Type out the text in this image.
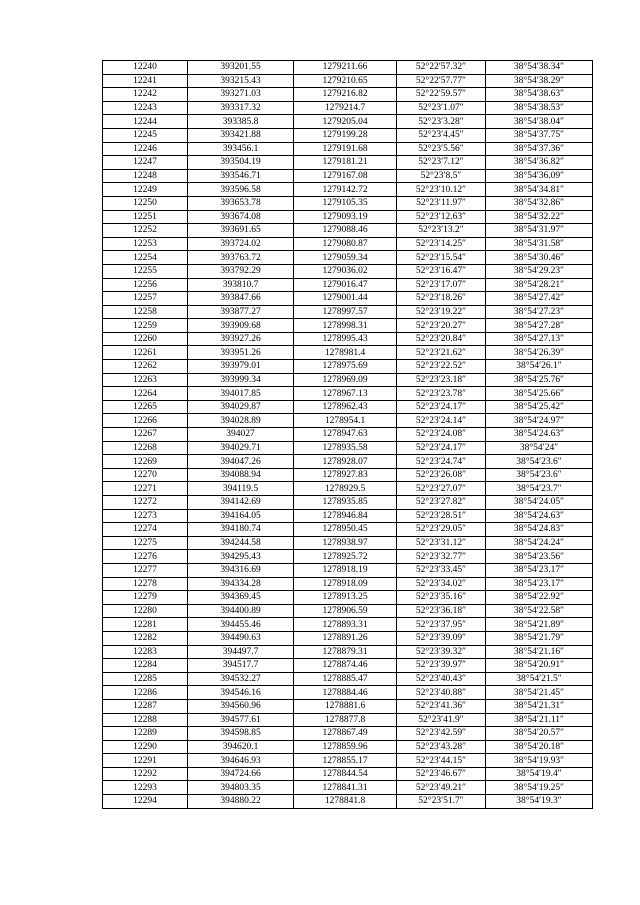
12240	393201.55	1279211.66	52°22′57.32″	38°54′38.34″
12241	393215.43	1279210.65	52°22′57.77″	38°54′38.29″
12242	393271.03	1279216.82	52°22′59.57″	38°54′38.63″
12243	393317.32	1279214.7	52°23′1.07″	38°54′38.53″
12244	393385.8	1279205.04	52°23′3.28″	38°54′38.04″
12245	393421.88	1279199.28	52°23′4.45″	38°54′37.75″
12246	393456.1	1279191.68	52°23′5.56″	38°54′37.36″
12247	393504.19	1279181.21	52°23′7.12″	38°54′36.82″
12248	393546.71	1279167.08	52°23′8.5″	38°54′36.09″
12249	393596.58	1279142.72	52°23′10.12″	38°54′34.81″
12250	393653.78	1279105.35	52°23′11.97″	38°54′32.86″
12251	393674.08	1279093.19	52°23′12.63″	38°54′32.22″
12252	393691.65	1279088.46	52°23′13.2″	38°54′31.97″
12253	393724.02	1279080.87	52°23′14.25″	38°54′31.58″
12254	393763.72	1279059.34	52°23′15.54″	38°54′30.46″
12255	393792.29	1279036.02	52°23′16.47″	38°54′29.23″
12256	393810.7	1279016.47	52°23′17.07″	38°54′28.21″
12257	393847.66	1279001.44	52°23′18.26″	38°54′27.42″
12258	393877.27	1278997.57	52°23′19.22″	38°54′27.23″
12259	393909.68	1278998.31	52°23′20.27″	38°54′27.28″
12260	393927.26	1278995.43	52°23′20.84″	38°54′27.13″
12261	393951.26	1278981.4	52°23′21.62″	38°54′26.39″
12262	393979.01	1278975.69	52°23′22.52″	38°54′26.1″
12263	393999.34	1278969.09	52°23′23.18″	38°54′25.76″
12264	394017.85	1278967.13	52°23′23.78″	38°54′25.66″
12265	394029.87	1278962.43	52°23′24.17″	38°54′25.42″
12266	394028.89	1278954.1	52°23′24.14″	38°54′24.97″
12267	394027	1278947.63	52°23′24.08″	38°54′24.63″
12268	394029.71	1278935.58	52°23′24.17″	38°54′24″
12269	394047.26	1278928.07	52°23′24.74″	38°54′23.6″
12270	394088.94	1278927.83	52°23′26.08″	38°54′23.6″
12271	394119.5	1278929.5	52°23′27.07″	38°54′23.7″
12272	394142.69	1278935.85	52°23′27.82″	38°54′24.05″
12273	394164.05	1278946.84	52°23′28.51″	38°54′24.63″
12274	394180.74	1278950.45	52°23′29.05″	38°54′24.83″
12275	394244.58	1278938.97	52°23′31.12″	38°54′24.24″
12276	394295.43	1278925.72	52°23′32.77″	38°54′23.56″
12277	394316.69	1278918.19	52°23′33.45″	38°54′23.17″
12278	394334.28	1278918.09	52°23′34.02″	38°54′23.17″
12279	394369.45	1278913.25	52°23′35.16″	38°54′22.92″
12280	394400.89	1278906.59	52°23′36.18″	38°54′22.58″
12281	394455.46	1278893.31	52°23′37.95″	38°54′21.89″
12282	394490.63	1278891.26	52°23′39.09″	38°54′21.79″
12283	394497.7	1278879.31	52°23′39.32″	38°54′21.16″
12284	394517.7	1278874.46	52°23′39.97″	38°54′20.91″
12285	394532.27	1278885.47	52°23′40.43″	38°54′21.5″
12286	394546.16	1278884.46	52°23′40.88″	38°54′21.45″
12287	394560.96	1278881.6	52°23′41.36″	38°54′21.31″
12288	394577.61	1278877.8	52°23′41.9″	38°54′21.11″
12289	394598.85	1278867.49	52°23′42.59″	38°54′20.57″
12290	394620.1	1278859.96	52°23′43.28″	38°54′20.18″
12291	394646.93	1278855.17	52°23′44.15″	38°54′19.93″
12292	394724.66	1278844.54	52°23′46.67″	38°54′19.4″
12293	394803.35	1278841.31	52°23′49.21″	38°54′19.25″
12294	394880.22	1278841.8	52°23′51.7″	38°54′19.3″
